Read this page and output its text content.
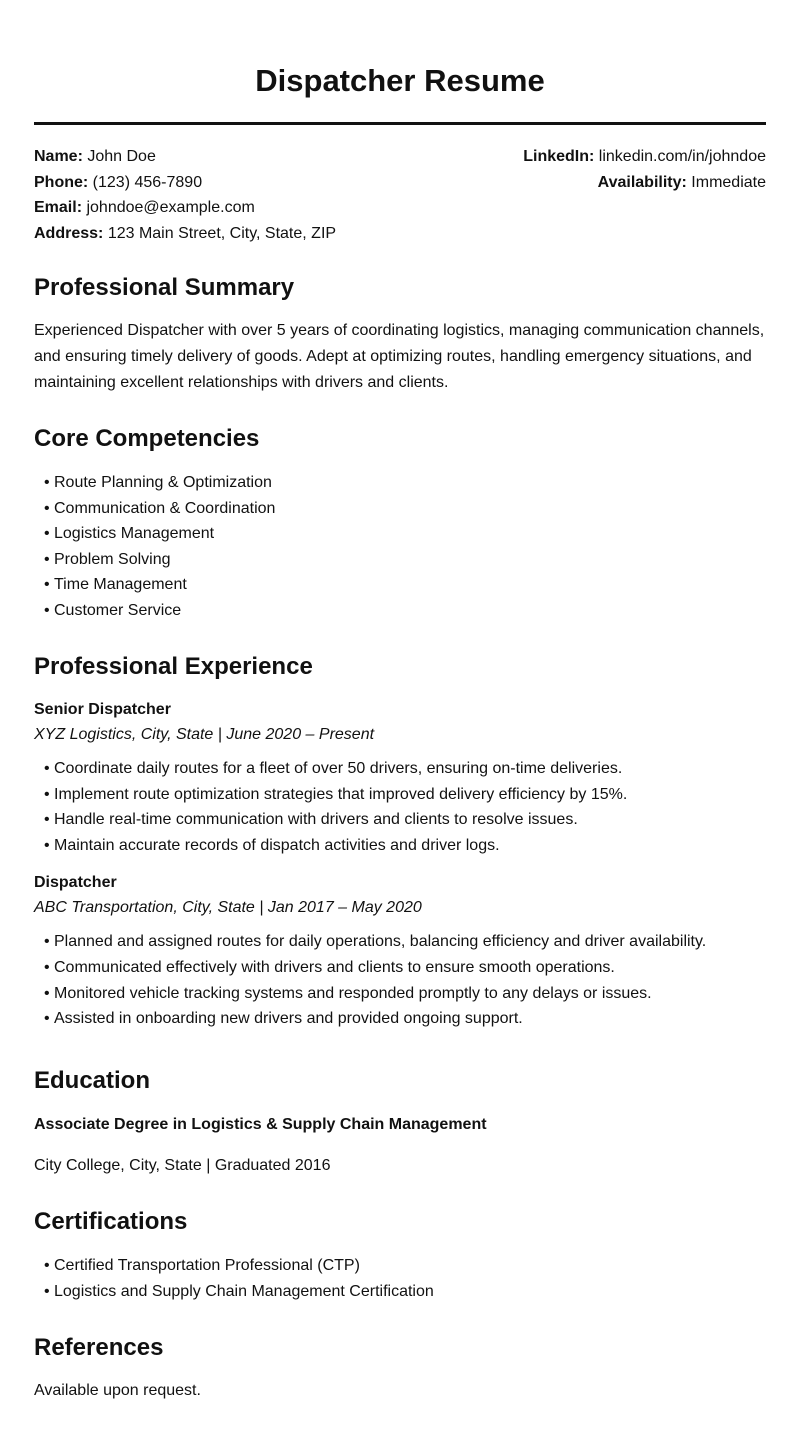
Dispatcher Resume
Name: John Doe
Phone: (123) 456-7890
Email: johndoe@example.com
Address: 123 Main Street, City, State, ZIP
LinkedIn: linkedin.com/in/johndoe
Availability: Immediate
Professional Summary

Experienced Dispatcher with over 5 years of coordinating logistics, managing communication channels, and ensuring timely delivery of goods. Adept at optimizing routes, handling emergency situations, and maintaining excellent relationships with drivers and clients.

Core Competencies
• Route Planning & Optimization
• Communication & Coordination
• Logistics Management
• Problem Solving
• Time Management
• Customer Service
Professional Experience
Senior Dispatcher
XYZ Logistics, City, State | June 2020 – Present
• Coordinate daily routes for a fleet of over 50 drivers, ensuring on-time deliveries.
• Implement route optimization strategies that improved delivery efficiency by 15%.
• Handle real-time communication with drivers and clients to resolve issues.
• Maintain accurate records of dispatch activities and driver logs.
Dispatcher
ABC Transportation, City, State | Jan 2017 – May 2020
• Planned and assigned routes for daily operations, balancing efficiency and driver availability.
• Communicated effectively with drivers and clients to ensure smooth operations.
• Monitored vehicle tracking systems and responded promptly to any delays or issues.
• Assisted in onboarding new drivers and provided ongoing support.
Education
Associate Degree in Logistics & Supply Chain Management

City College, City, State | Graduated 2016

Certifications
• Certified Transportation Professional (CTP)
• Logistics and Supply Chain Management Certification
References

Available upon request.
